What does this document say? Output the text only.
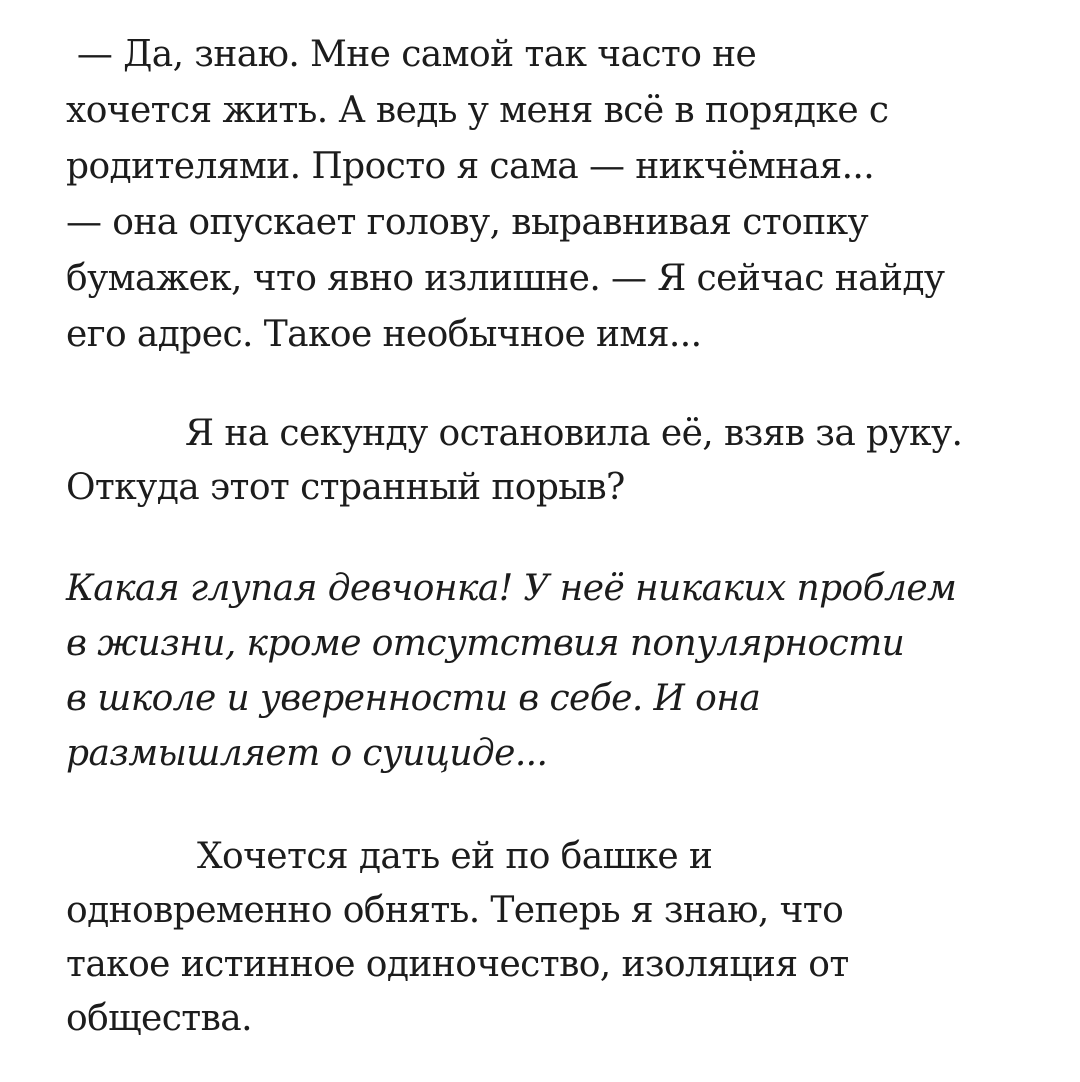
— Да, знаю. Мне самой так часто не

хочется жить. А ведь у меня всё в порядке с

родителями. Просто я сама — никчёмная...

— она опускает голову, выравнивая стопку

бумажек, что явно излишне. — Я сейчас найду

его адрес. Такое необычное имя...

Я на секунду остановила её, взяв за руку.

Откуда этот странный порыв?

Какая глупая девчонка! У неё никаких проблем

в жизни, кроме отсутствия популярности

в школе и уверенности в себе. И она

размышляет о суициде...

Хочется дать ей по башке и

одновременно обнять. Теперь я знаю, что

такое истинное одиночество, изоляция от

общества.
